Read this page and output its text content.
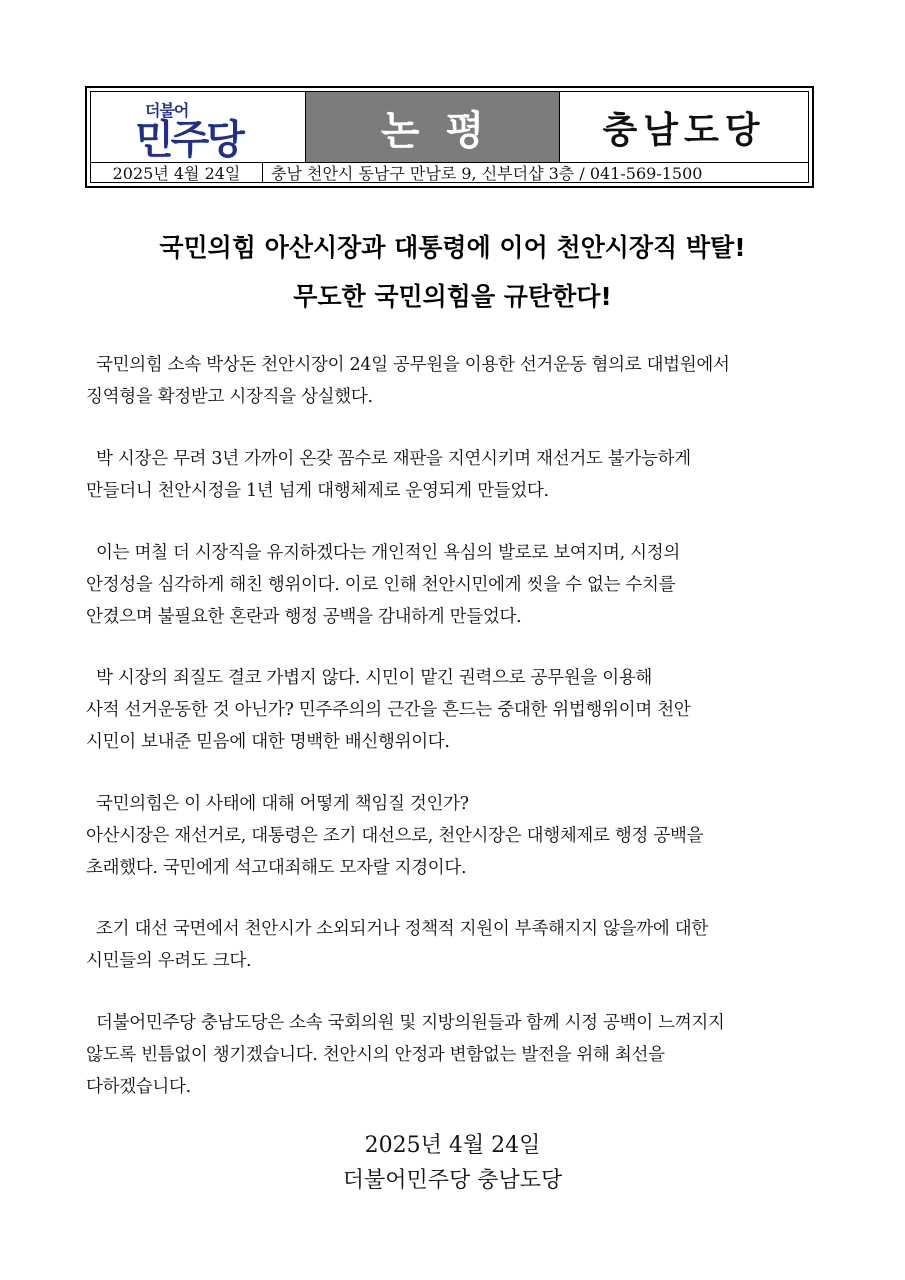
더불어
민주당	논평	충남도당
2025년 4월 24일	충남 천안시 동남구 만남로 9, 신부더샵 3층 / 041-569-1500
국민의힘 아산시장과 대통령에 이어 천안시장직 박탈!
무도한 국민의힘을 규탄한다!

국민의힘 소속 박상돈 천안시장이 24일 공무원을 이용한 선거운동 혐의로 대법원에서
징역형을 확정받고 시장직을 상실했다.

박 시장은 무려 3년 가까이 온갖 꼼수로 재판을 지연시키며 재선거도 불가능하게
만들더니 천안시정을 1년 넘게 대행체제로 운영되게 만들었다.

이는 며칠 더 시장직을 유지하겠다는 개인적인 욕심의 발로로 보여지며, 시정의
안정성을 심각하게 해친 행위이다. 이로 인해 천안시민에게 씻을 수 없는 수치를
안겼으며 불필요한 혼란과 행정 공백을 감내하게 만들었다.

박 시장의 죄질도 결코 가볍지 않다. 시민이 맡긴 권력으로 공무원을 이용해
사적 선거운동한 것 아닌가? 민주주의의 근간을 흔드는 중대한 위법행위이며 천안
시민이 보내준 믿음에 대한 명백한 배신행위이다.

국민의힘은 이 사태에 대해 어떻게 책임질 것인가?
아산시장은 재선거로, 대통령은 조기 대선으로, 천안시장은 대행체제로 행정 공백을
초래했다. 국민에게 석고대죄해도 모자랄 지경이다.

조기 대선 국면에서 천안시가 소외되거나 정책적 지원이 부족해지지 않을까에 대한
시민들의 우려도 크다.

더불어민주당 충남도당은 소속 국회의원 및 지방의원들과 함께 시정 공백이 느껴지지
않도록 빈틈없이 챙기겠습니다. 천안시의 안정과 변함없는 발전을 위해 최선을
다하겠습니다.

2025년 4월 24일
더불어민주당 충남도당
